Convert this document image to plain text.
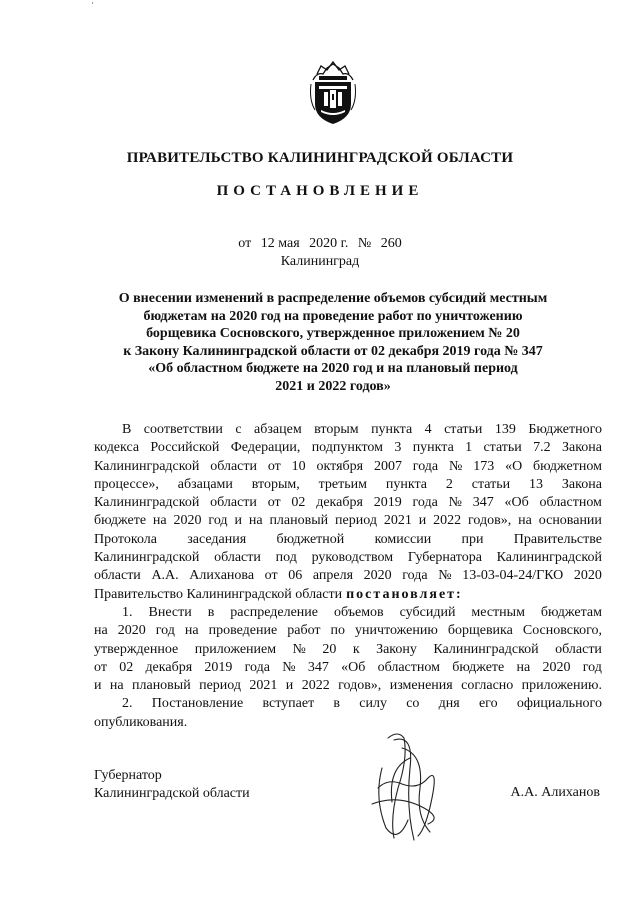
ПРАВИТЕЛЬСТВО КАЛИНИНГРАДСКОЙ ОБЛАСТИ
ПОСТАНОВЛЕНИЕ
от 12 мая 2020 г. № 260
Калининград
О внесении изменений в распределение объемов субсидий местным
бюджетам на 2020 год на проведение работ по уничтожению
борщевика Сосновского, утвержденное приложением № 20
к Закону Калининградской области от 02 декабря 2019 года № 347
«Об областном бюджете на 2020 год и на плановый период
2021 и 2022 годов»
В соответствии с абзацем вторым пункта 4 статьи 139 Бюджетного
кодекса Российской Федерации, подпунктом 3 пункта 1 статьи 7.2 Закона
Калининградской области от 10 октября 2007 года № 173 «О бюджетном
процессе», абзацами вторым, третьим пункта 2 статьи 13 Закона
Калининградской области от 02 декабря 2019 года № 347 «Об областном
бюджете на 2020 год и на плановый период 2021 и 2022 годов», на основании
Протокола заседания бюджетной комиссии при Правительстве
Калининградской области под руководством Губернатора Калининградской
области А.А. Алиханова от 06 апреля 2020 года № 13-03-04-24/ГКО 2020
Правительство Калининградской области постановляет:
1. Внести в распределение объемов субсидий местным бюджетам
на 2020 год на проведение работ по уничтожению борщевика Сосновского,
утвержденное приложением № 20 к Закону Калининградской области
от 02 декабря 2019 года № 347 «Об областном бюджете на 2020 год
и на плановый период 2021 и 2022 годов», изменения согласно приложению.
2. Постановление вступает в силу со дня его официального
опубликования.
Губернатор
Калининградской области	А.А. Алиханов
